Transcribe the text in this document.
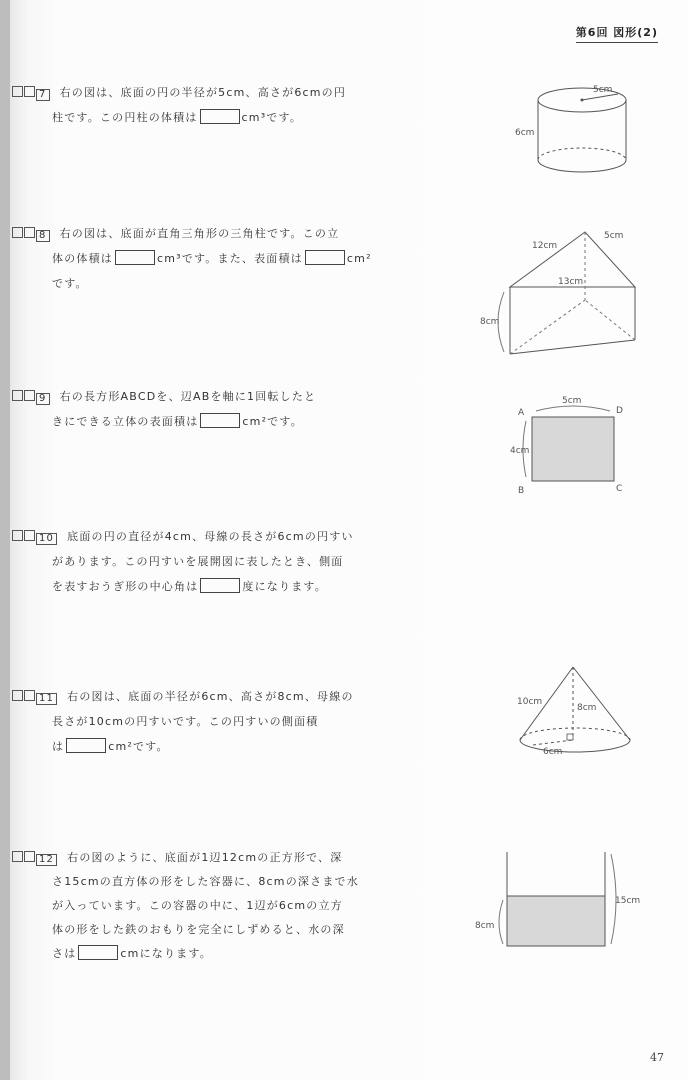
第6回 図形(2)
7 右の図は、底面の円の半径が5cm、高さが6cmの円
柱です。この円柱の体積は	cm³です。
8 右の図は、底面が直角三角形の三角柱です。この立
体の体積は	cm³です。また、表面積は	cm²
です。
9 右の長方形ABCDを、辺ABを軸に1回転したと
きにできる立体の表面積は	cm²です。
10 底面の円の直径が4cm、母線の長さが6cmの円すい
があります。この円すいを展開図に表したとき、側面
を表すおうぎ形の中心角は	度になります。
11 右の図は、底面の半径が6cm、高さが8cm、母線の
長さが10cmの円すいです。この円すいの側面積
は	cm²です。
12 右の図のように、底面が1辺12cmの正方形で、深
さ15cmの直方体の形をした容器に、8cmの深さまで水
が入っています。この容器の中に、1辺が6cmの立方
体の形をした鉄のおもりを完全にしずめると、水の深
さは	cmになります。
5cm
6cm
12cm
5cm
13cm
8cm
A
B	C
D
5cm
4cm
10cm
8cm
6cm
15cm
8cm
47
